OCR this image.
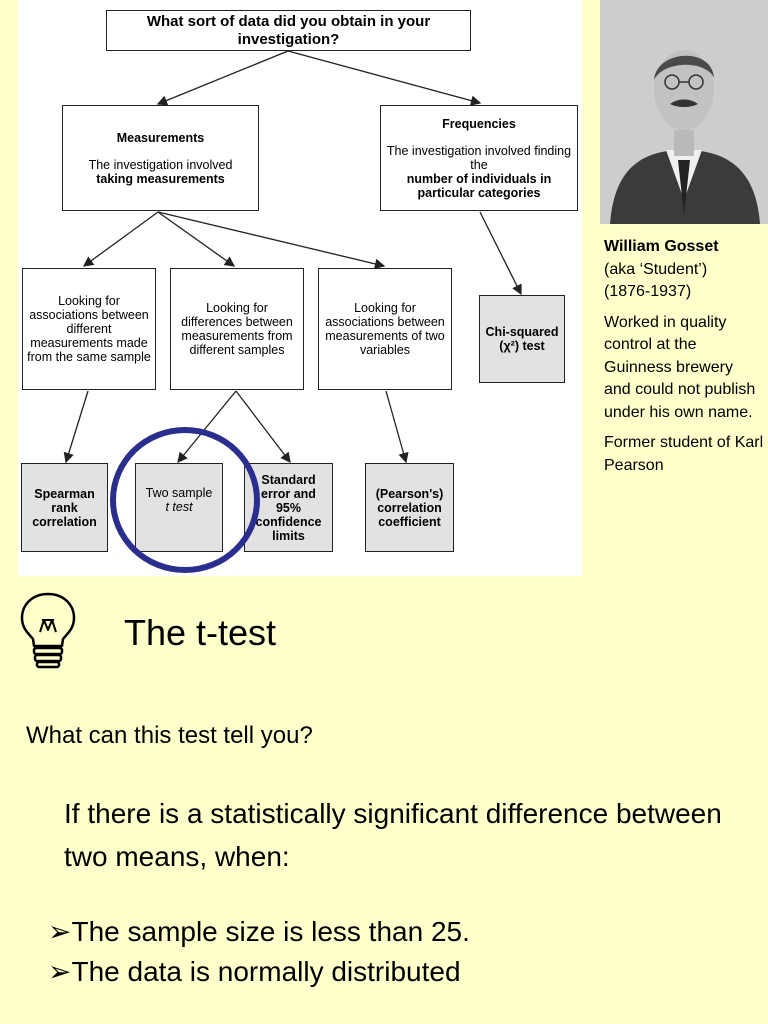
What sort of data did you obtain in your investigation?
Measurements
The investigation involved
taking measurements
Frequencies
The investigation involved finding the
number of individuals in particular categories
Looking for associations between different measurements made from the same sample
Looking for differences between measurements from different samples
Looking for associations between measurements of two variables
Chi-squared (χ²) test
Spearman rank correlation
Two sample
t test
Standard error and 95% confidence limits
(Pearson's) correlation coefficient

William Gosset
(aka ‘Student’)
(1876-1937)

Worked in quality control at the Guinness brewery and could not publish under his own name.

Former student of Karl Pearson

The t-test
What can this test tell you?
If there is a statistically significant difference between two means, when:
➢The sample size is less than 25.
➢The data is normally distributed
